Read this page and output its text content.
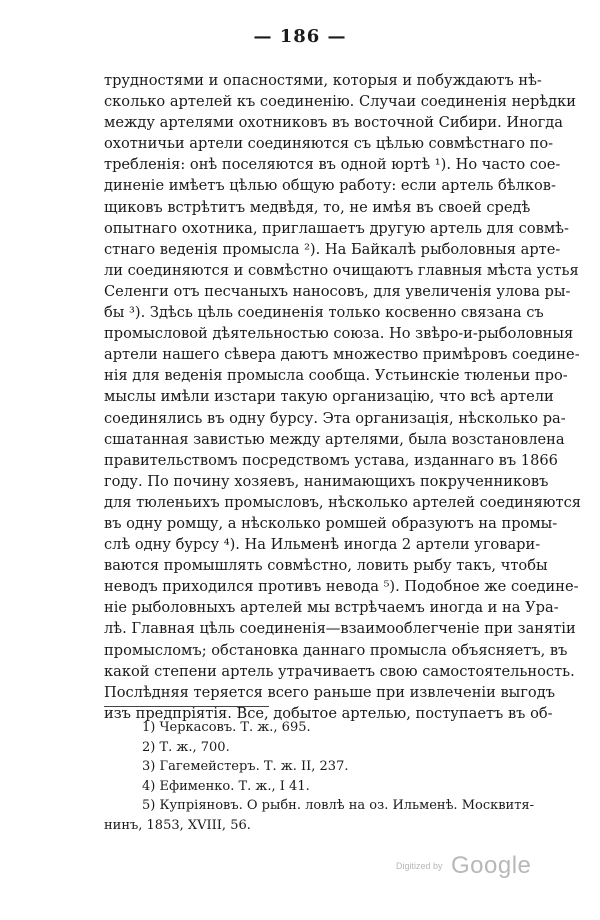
— 186 —
трудностями и опасностями, которыя и побуждаютъ нѣ-
сколько артелей къ соединенію. Случаи соединенія нерѣдки
между артелями охотниковъ въ восточной Сибири. Иногда
охотничьи артели соединяются съ цѣлью совмѣстнаго по-
требленія: онѣ поселяются въ одной юртѣ ¹). Но часто сое-
диненіе имѣетъ цѣлью общую работу: если артель бѣлков-
щиковъ встрѣтитъ медвѣдя, то, не имѣя въ своей средѣ
опытнаго охотника, приглашаетъ другую артель для совмѣ-
стнаго веденія промысла ²). На Байкалѣ рыболовныя арте-
ли соединяются и совмѣстно очищаютъ главныя мѣста устья
Селенги отъ песчаныхъ наносовъ, для увеличенія улова ры-
бы ³). Здѣсь цѣль соединенія только косвенно связана съ
промысловой дѣятельностью союза. Но звѣро-и-рыболовныя
артели нашего сѣвера даютъ множество примѣровъ соедине-
нія для веденія промысла сообща. Устьинскіе тюленьи про-
мыслы имѣли изстари такую организацію, что всѣ артели
соединялись въ одну бурсу. Эта организація, нѣсколько ра-
сшатанная завистью между артелями, была возстановлена
правительствомъ посредствомъ устава, изданнаго въ 1866
году. По почину хозяевъ, нанимающихъ покрученниковъ
для тюленьихъ промысловъ, нѣсколько артелей соединяются
въ одну ромщу, а нѣсколько ромшей образуютъ на промы-
слѣ одну бурсу ⁴). На Ильменѣ иногда 2 артели уговари-
ваются промышлять совмѣстно, ловить рыбу такъ, чтобы
неводъ приходился противъ невода ⁵). Подобное же соедине-
ніе рыболовныхъ артелей мы встрѣчаемъ иногда и на Ура-
лѣ. Главная цѣль соединенія—взаимооблегченіе при занятіи
промысломъ; обстановка даннаго промысла объясняетъ, въ
какой степени артель утрачиваетъ свою самостоятельность.
Послѣдняя теряется всего раньше при извлеченіи выгодъ
изъ предпріятія. Все, добытое артелью, поступаетъ въ об-
1) Черкасовъ. Т. ж., 695.
2) Т. ж., 700.
3) Гагемейстеръ. Т. ж. II, 237.
4) Ефименко. Т. ж., I 41.
5) Купріяновъ. О рыбн. ловлѣ на оз. Ильменѣ. Москвитя-
нинъ, 1853, XVIII, 56.
Digitized by Google
